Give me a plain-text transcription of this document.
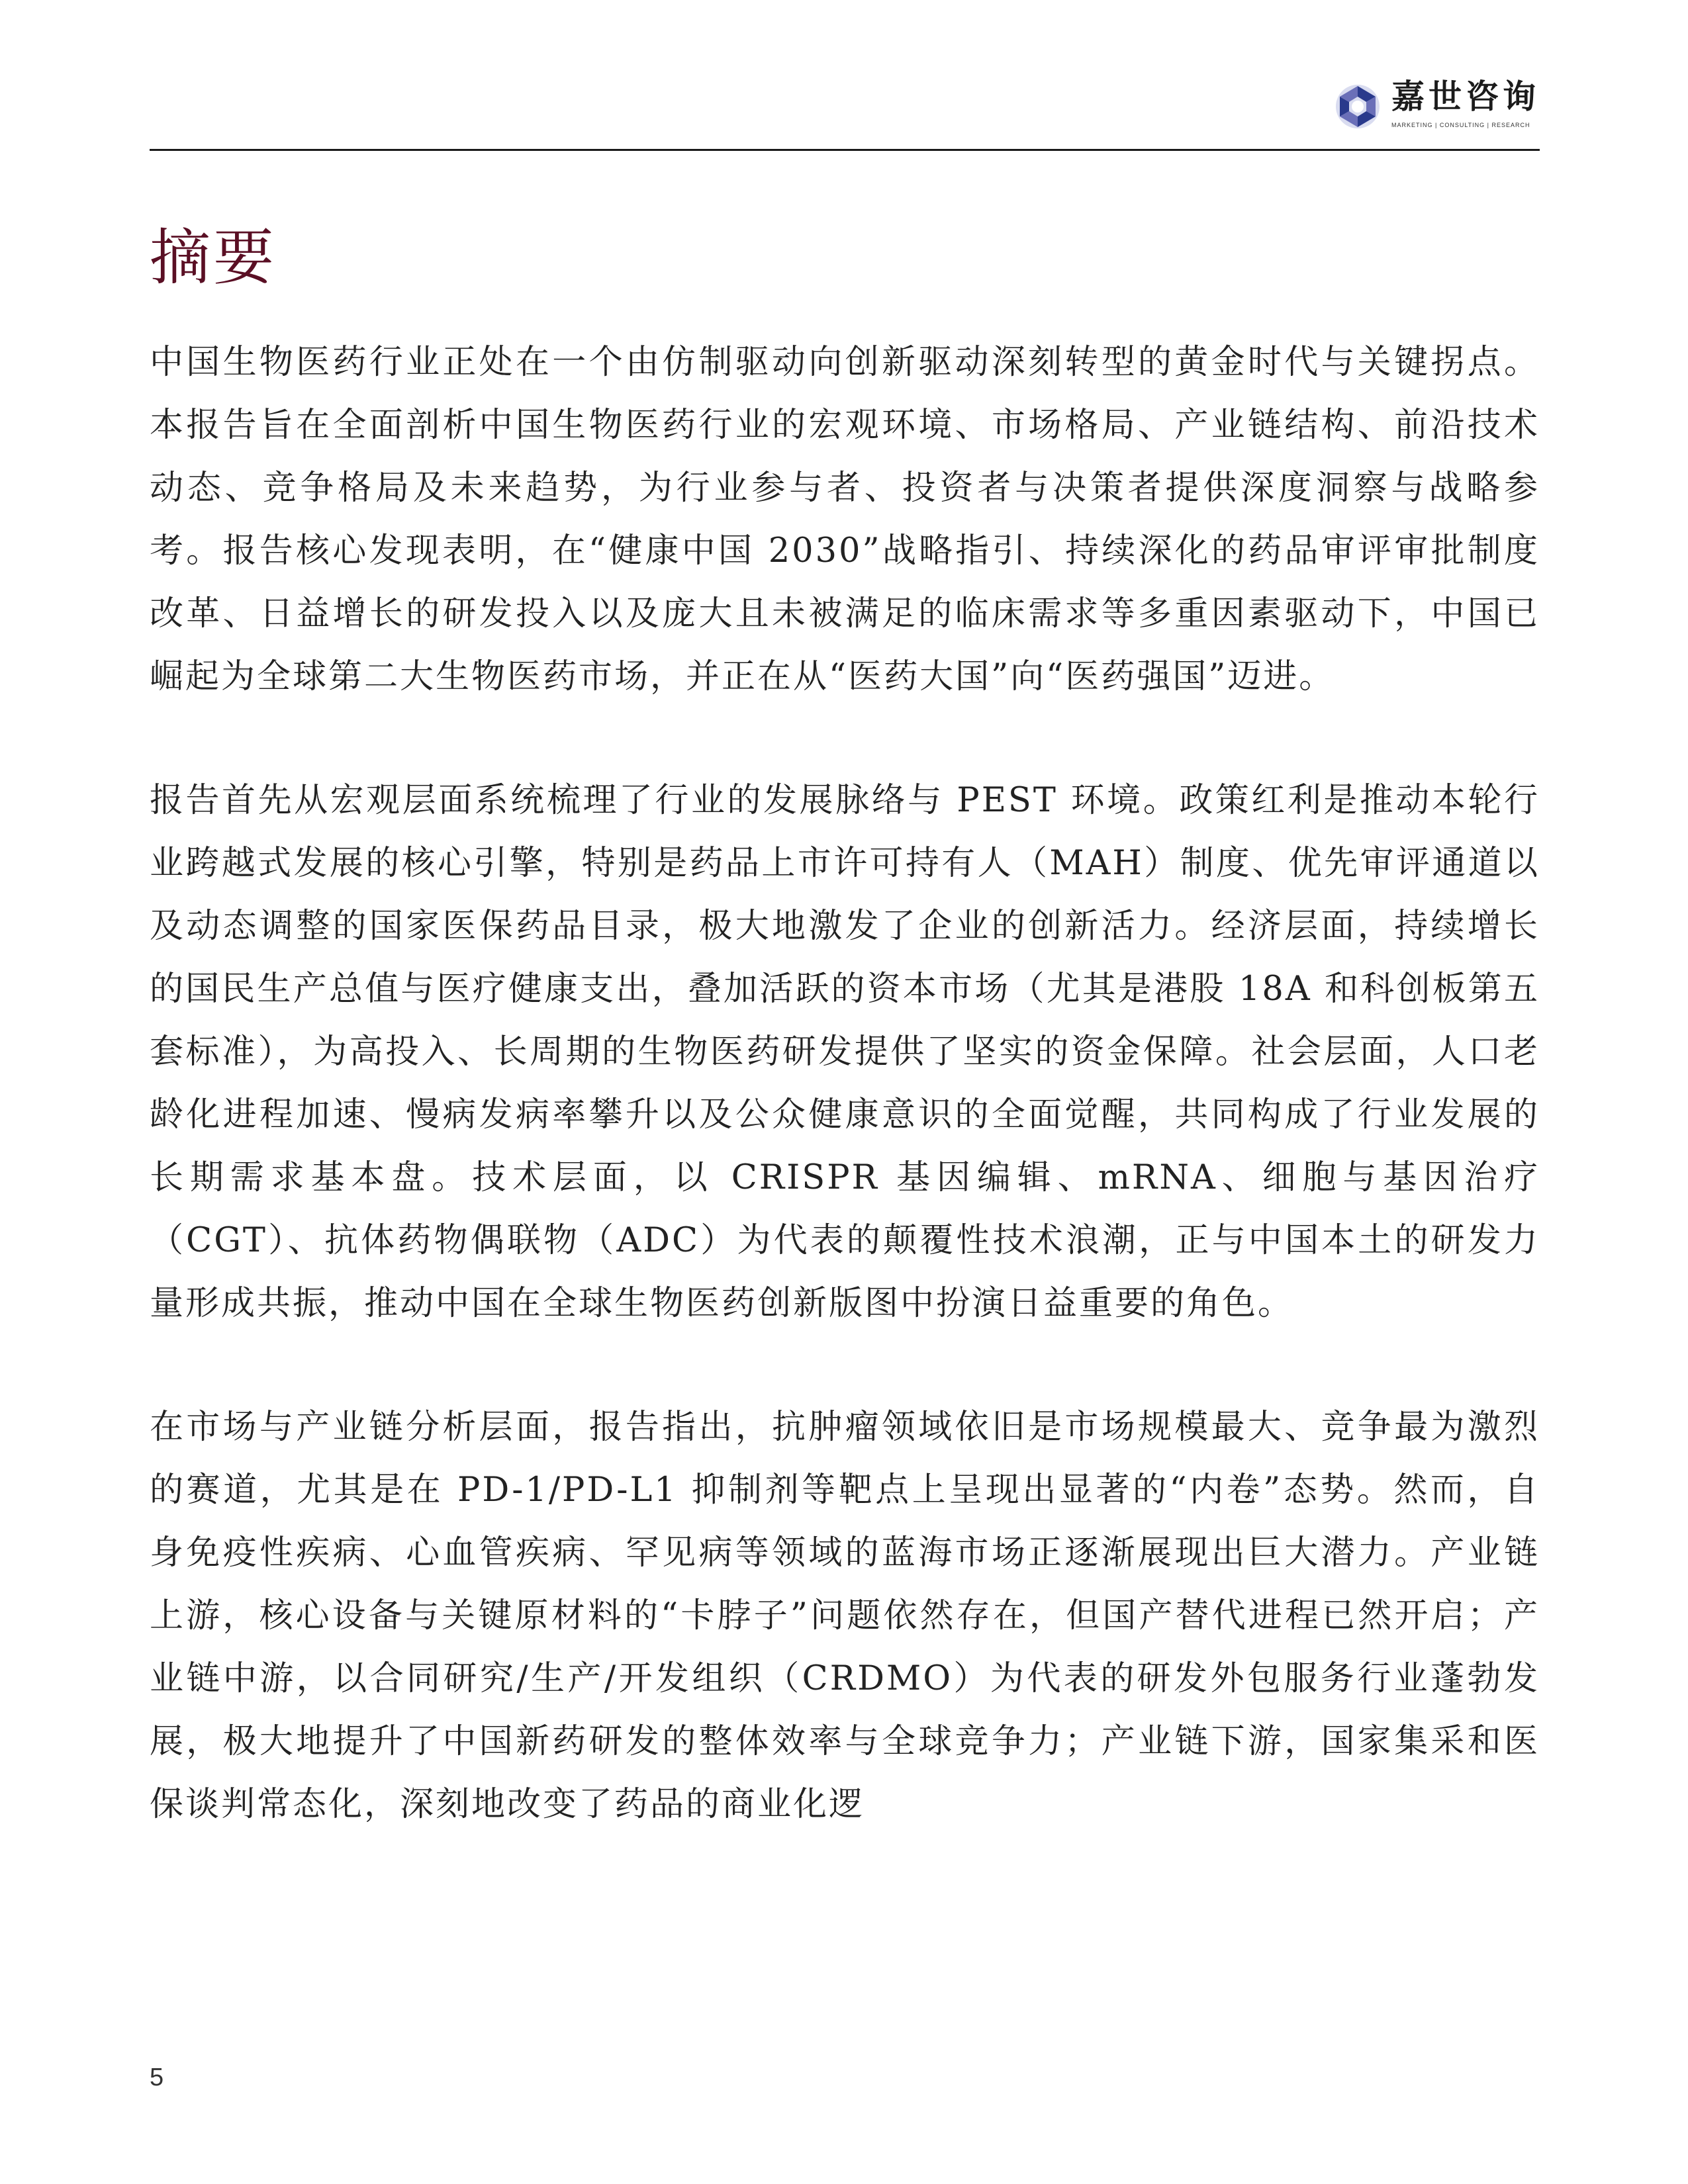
嘉世咨询
MARKETING | CONSULTING | RESEARCH
摘要

中国生物医药行业正处在一个由仿制驱动向创新驱动深刻转型的黄金时代与关键拐点。本报告旨在全面剖析中国生物医药行业的宏观环境、市场格局、产业链结构、前沿技术动态、竞争格局及未来趋势，为行业参与者、投资者与决策者提供深度洞察与战略参考。报告核心发现表明，在“健康中国 2030”战略指引、持续深化的药品审评审批制度改革、日益增长的研发投入以及庞大且未被满足的临床需求等多重因素驱动下，中国已崛起为全球第二大生物医药市场，并正在从“医药大国”向“医药强国”迈进。

报告首先从宏观层面系统梳理了行业的发展脉络与 PEST 环境。政策红利是推动本轮行业跨越式发展的核心引擎，特别是药品上市许可持有人（MAH）制度、优先审评通道以及动态调整的国家医保药品目录，极大地激发了企业的创新活力。经济层面，持续增长的国民生产总值与医疗健康支出，叠加活跃的资本市场（尤其是港股 18A 和科创板第五套标准），为高投入、长周期的生物医药研发提供了坚实的资金保障。社会层面，人口老龄化进程加速、慢病发病率攀升以及公众健康意识的全面觉醒，共同构成了行业发展的长期需求基本盘。技术层面，以 CRISPR 基因编辑、mRNA、细胞与基因治疗（CGT）、抗体药物偶联物（ADC）为代表的颠覆性技术浪潮，正与中国本土的研发力量形成共振，推动中国在全球生物医药创新版图中扮演日益重要的角色。

在市场与产业链分析层面，报告指出，抗肿瘤领域依旧是市场规模最大、竞争最为激烈的赛道，尤其是在 PD-1/PD-L1 抑制剂等靶点上呈现出显著的“内卷”态势。然而，自身免疫性疾病、心血管疾病、罕见病等领域的蓝海市场正逐渐展现出巨大潜力。产业链上游，核心设备与关键原材料的“卡脖子”问题依然存在，但国产替代进程已然开启；产业链中游，以合同研究/生产/开发组织（CRDMO）为代表的研发外包服务行业蓬勃发展，极大地提升了中国新药研发的整体效率与全球竞争力；产业链下游，国家集采和医保谈判常态化，深刻地改变了药品的商业化逻

5
